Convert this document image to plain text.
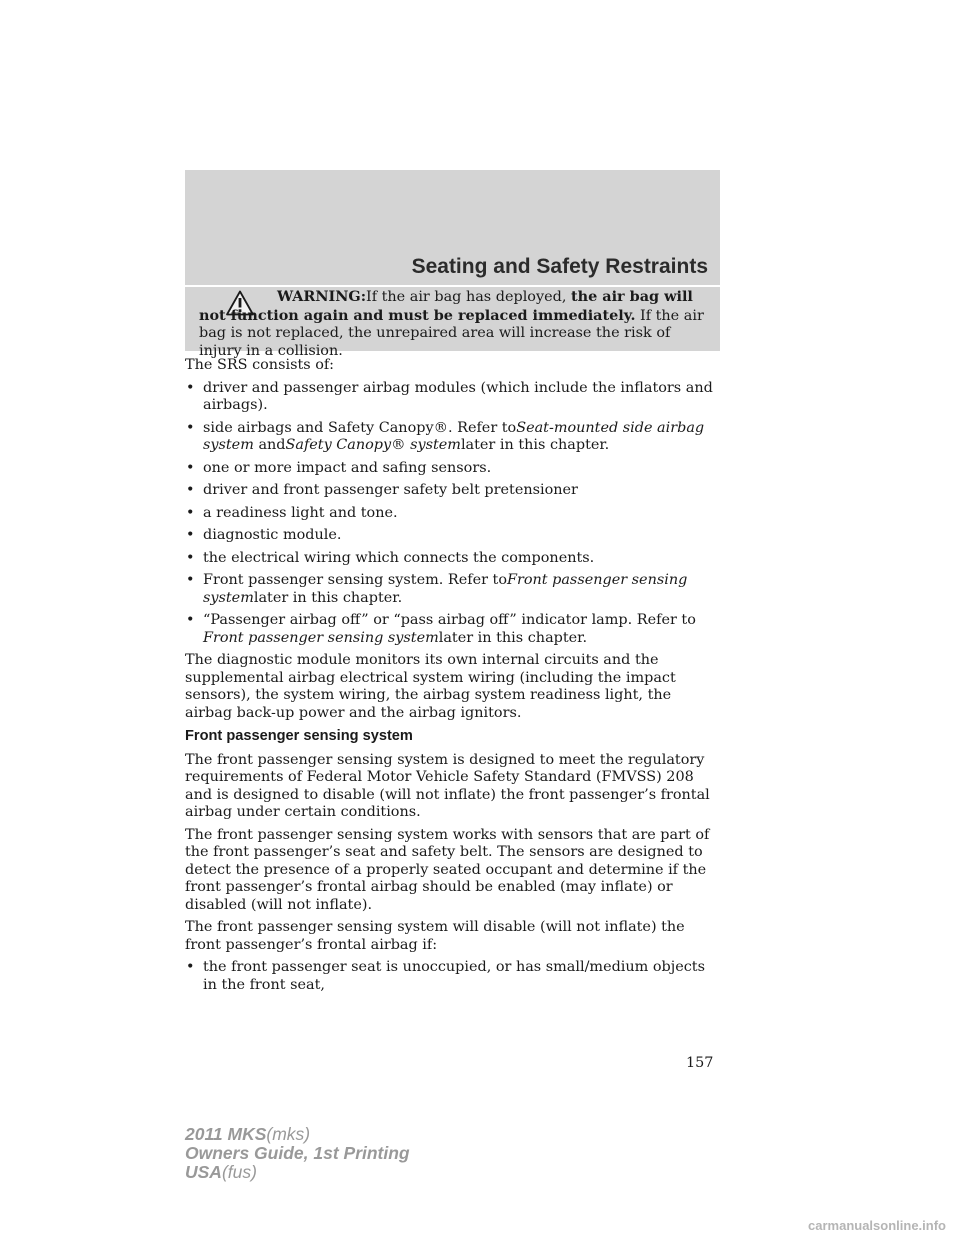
Seating and Safety Restraints
WARNING:If the air bag has deployed, the air bag will not function again and must be replaced immediately. If the air bag is not replaced, the unrepaired area will increase the risk of injury in a collision.

The SRS consists of:

• driver and passenger airbag modules (which include the inflators and airbags).
• side airbags and Safety Canopy®. Refer toSeat-mounted side airbag system andSafety Canopy® systemlater in this chapter.
• one or more impact and safing sensors.
• driver and front passenger safety belt pretensioner
• a readiness light and tone.
• diagnostic module.
• the electrical wiring which connects the components.
• Front passenger sensing system. Refer toFront passenger sensing systemlater in this chapter.
• “Passenger airbag off” or “pass airbag off” indicator lamp. Refer to Front passenger sensing systemlater in this chapter.

The diagnostic module monitors its own internal circuits and the supplemental airbag electrical system wiring (including the impact sensors), the system wiring, the airbag system readiness light, the airbag back-up power and the airbag ignitors.

Front passenger sensing system

The front passenger sensing system is designed to meet the regulatory requirements of Federal Motor Vehicle Safety Standard (FMVSS) 208 and is designed to disable (will not inflate) the front passenger’s frontal airbag under certain conditions.

The front passenger sensing system works with sensors that are part of the front passenger’s seat and safety belt. The sensors are designed to detect the presence of a properly seated occupant and determine if the front passenger’s frontal airbag should be enabled (may inflate) or disabled (will not inflate).

The front passenger sensing system will disable (will not inflate) the front passenger’s frontal airbag if:

• the front passenger seat is unoccupied, or has small/medium objects in the front seat,
157
2011 MKS(mks)
Owners Guide, 1st Printing
USA(fus)
carmanualsonline.info
